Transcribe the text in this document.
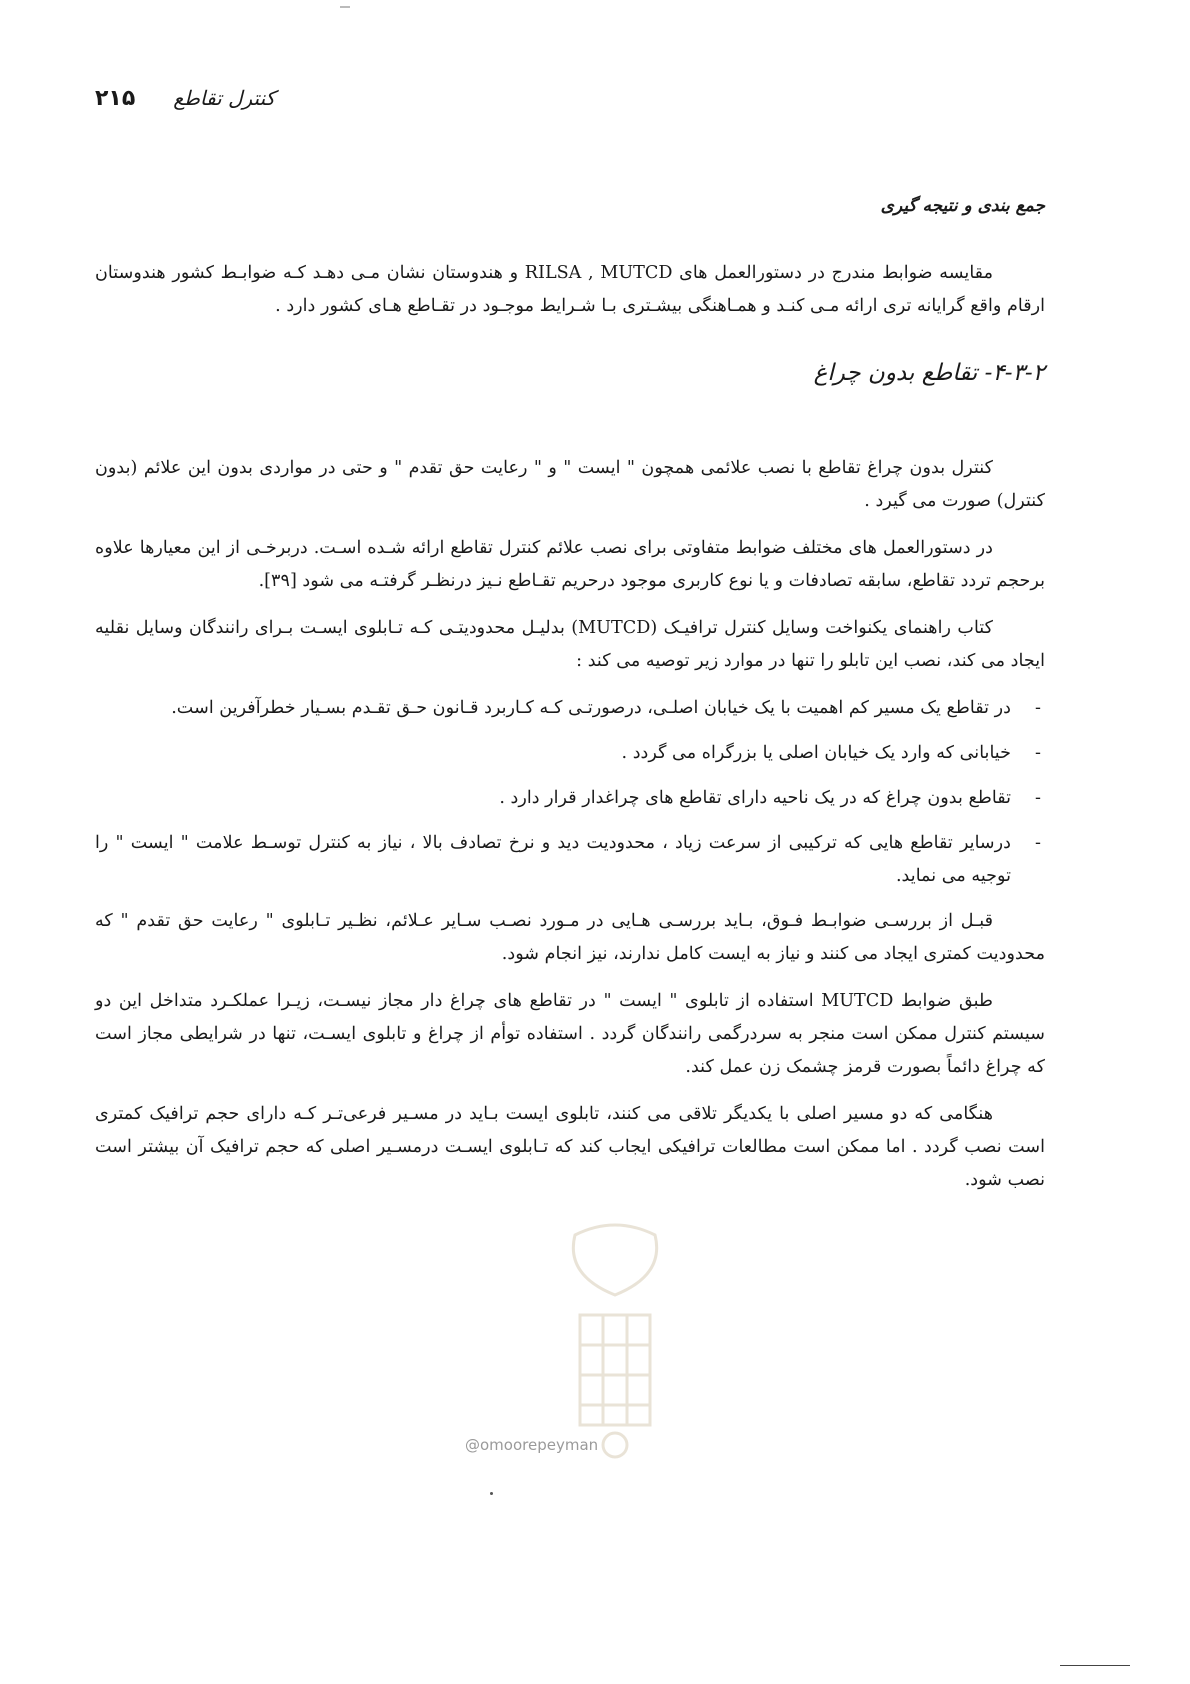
۲۱۵ کنترل تقاطع
جمع بندی و نتیجه گیری

مقایسه ضوابط مندرج در دستورالعمل های RILSA , MUTCD و هندوستان نشان مـی دهـد کـه ضوابـط کشور هندوستان ارقام واقع گرایانه تری ارائه مـی کنـد و همـاهنگی بیشـتری بـا شـرایط موجـود در تقـاطع هـای کشور دارد .

۴-۳-۲- تقاطع بدون چراغ

کنترل بدون چراغ تقاطع با نصب علائمی همچون " ایست " و " رعایت حق تقدم " و حتی در مواردی بدون این علائم (بدون کنترل) صورت می گیرد .

در دستورالعمل های مختلف ضوابط متفاوتی برای نصب علائم کنترل تقاطع ارائه شـده اسـت. دربرخـی از این معیارها علاوه برحجم تردد تقاطع، سابقه تصادفات و یا نوع کاربری موجود درحریم تقـاطع نـیز درنظـر گرفتـه می شود [۳۹].

کتاب راهنمای یکنواخت وسایل کنترل ترافیـک (MUTCD) بدلیـل محدودیتـی کـه تـابلوی ایسـت بـرای رانندگان وسایل نقلیه ایجاد می کند، نصب این تابلو را تنها در موارد زیر توصیه می کند :

-
در تقاطع یک مسیر کم اهمیت با یک خیابان اصلـی، درصورتـی کـه کـاربرد قـانون حـق تقـدم بسـیار خطرآفرین است.
-
خیابانی که وارد یک خیابان اصلی یا بزرگراه می گردد .
-
تقاطع بدون چراغ که در یک ناحیه دارای تقاطع های چراغدار قرار دارد .
-
درسایر تقاطع هایی که ترکیبی از سرعت زیاد ، محدودیت دید و نرخ تصادف بالا ، نیاز به کنترل توسـط علامت " ایست " را توجیه می نماید.

قبـل از بررسـی ضوابـط فـوق، بـاید بررسـی هـایی در مـورد نصـب سـایر عـلائم، نظـیر تـابلوی " رعایت حق تقدم " که محدودیت کمتری ایجاد می کنند و نیاز به ایست کامل ندارند، نیز انجام شود.

طبق ضوابط MUTCD استفاده از تابلوی " ایست " در تقاطع های چراغ دار مجاز نیسـت، زیـرا عملکـرد متداخل این دو سیستم کنترل ممکن است منجر به سردرگمی رانندگان گردد . استفاده توأم از چراغ و تابلوی ایسـت، تنها در شرایطی مجاز است که چراغ دائماً بصورت قرمز چشمک زن عمل کند.

هنگامی که دو مسیر اصلی با یکدیگر تلاقی می کنند، تابلوی ایست بـاید در مسـیر فرعی‌تـر کـه دارای حجم ترافیک کمتری است نصب گردد . اما ممکن است مطالعات ترافیکی ایجاب کند که تـابلوی ایسـت درمسـیر اصلی که حجم ترافیک آن بیشتر است نصب شود.

@omoorepeyman
